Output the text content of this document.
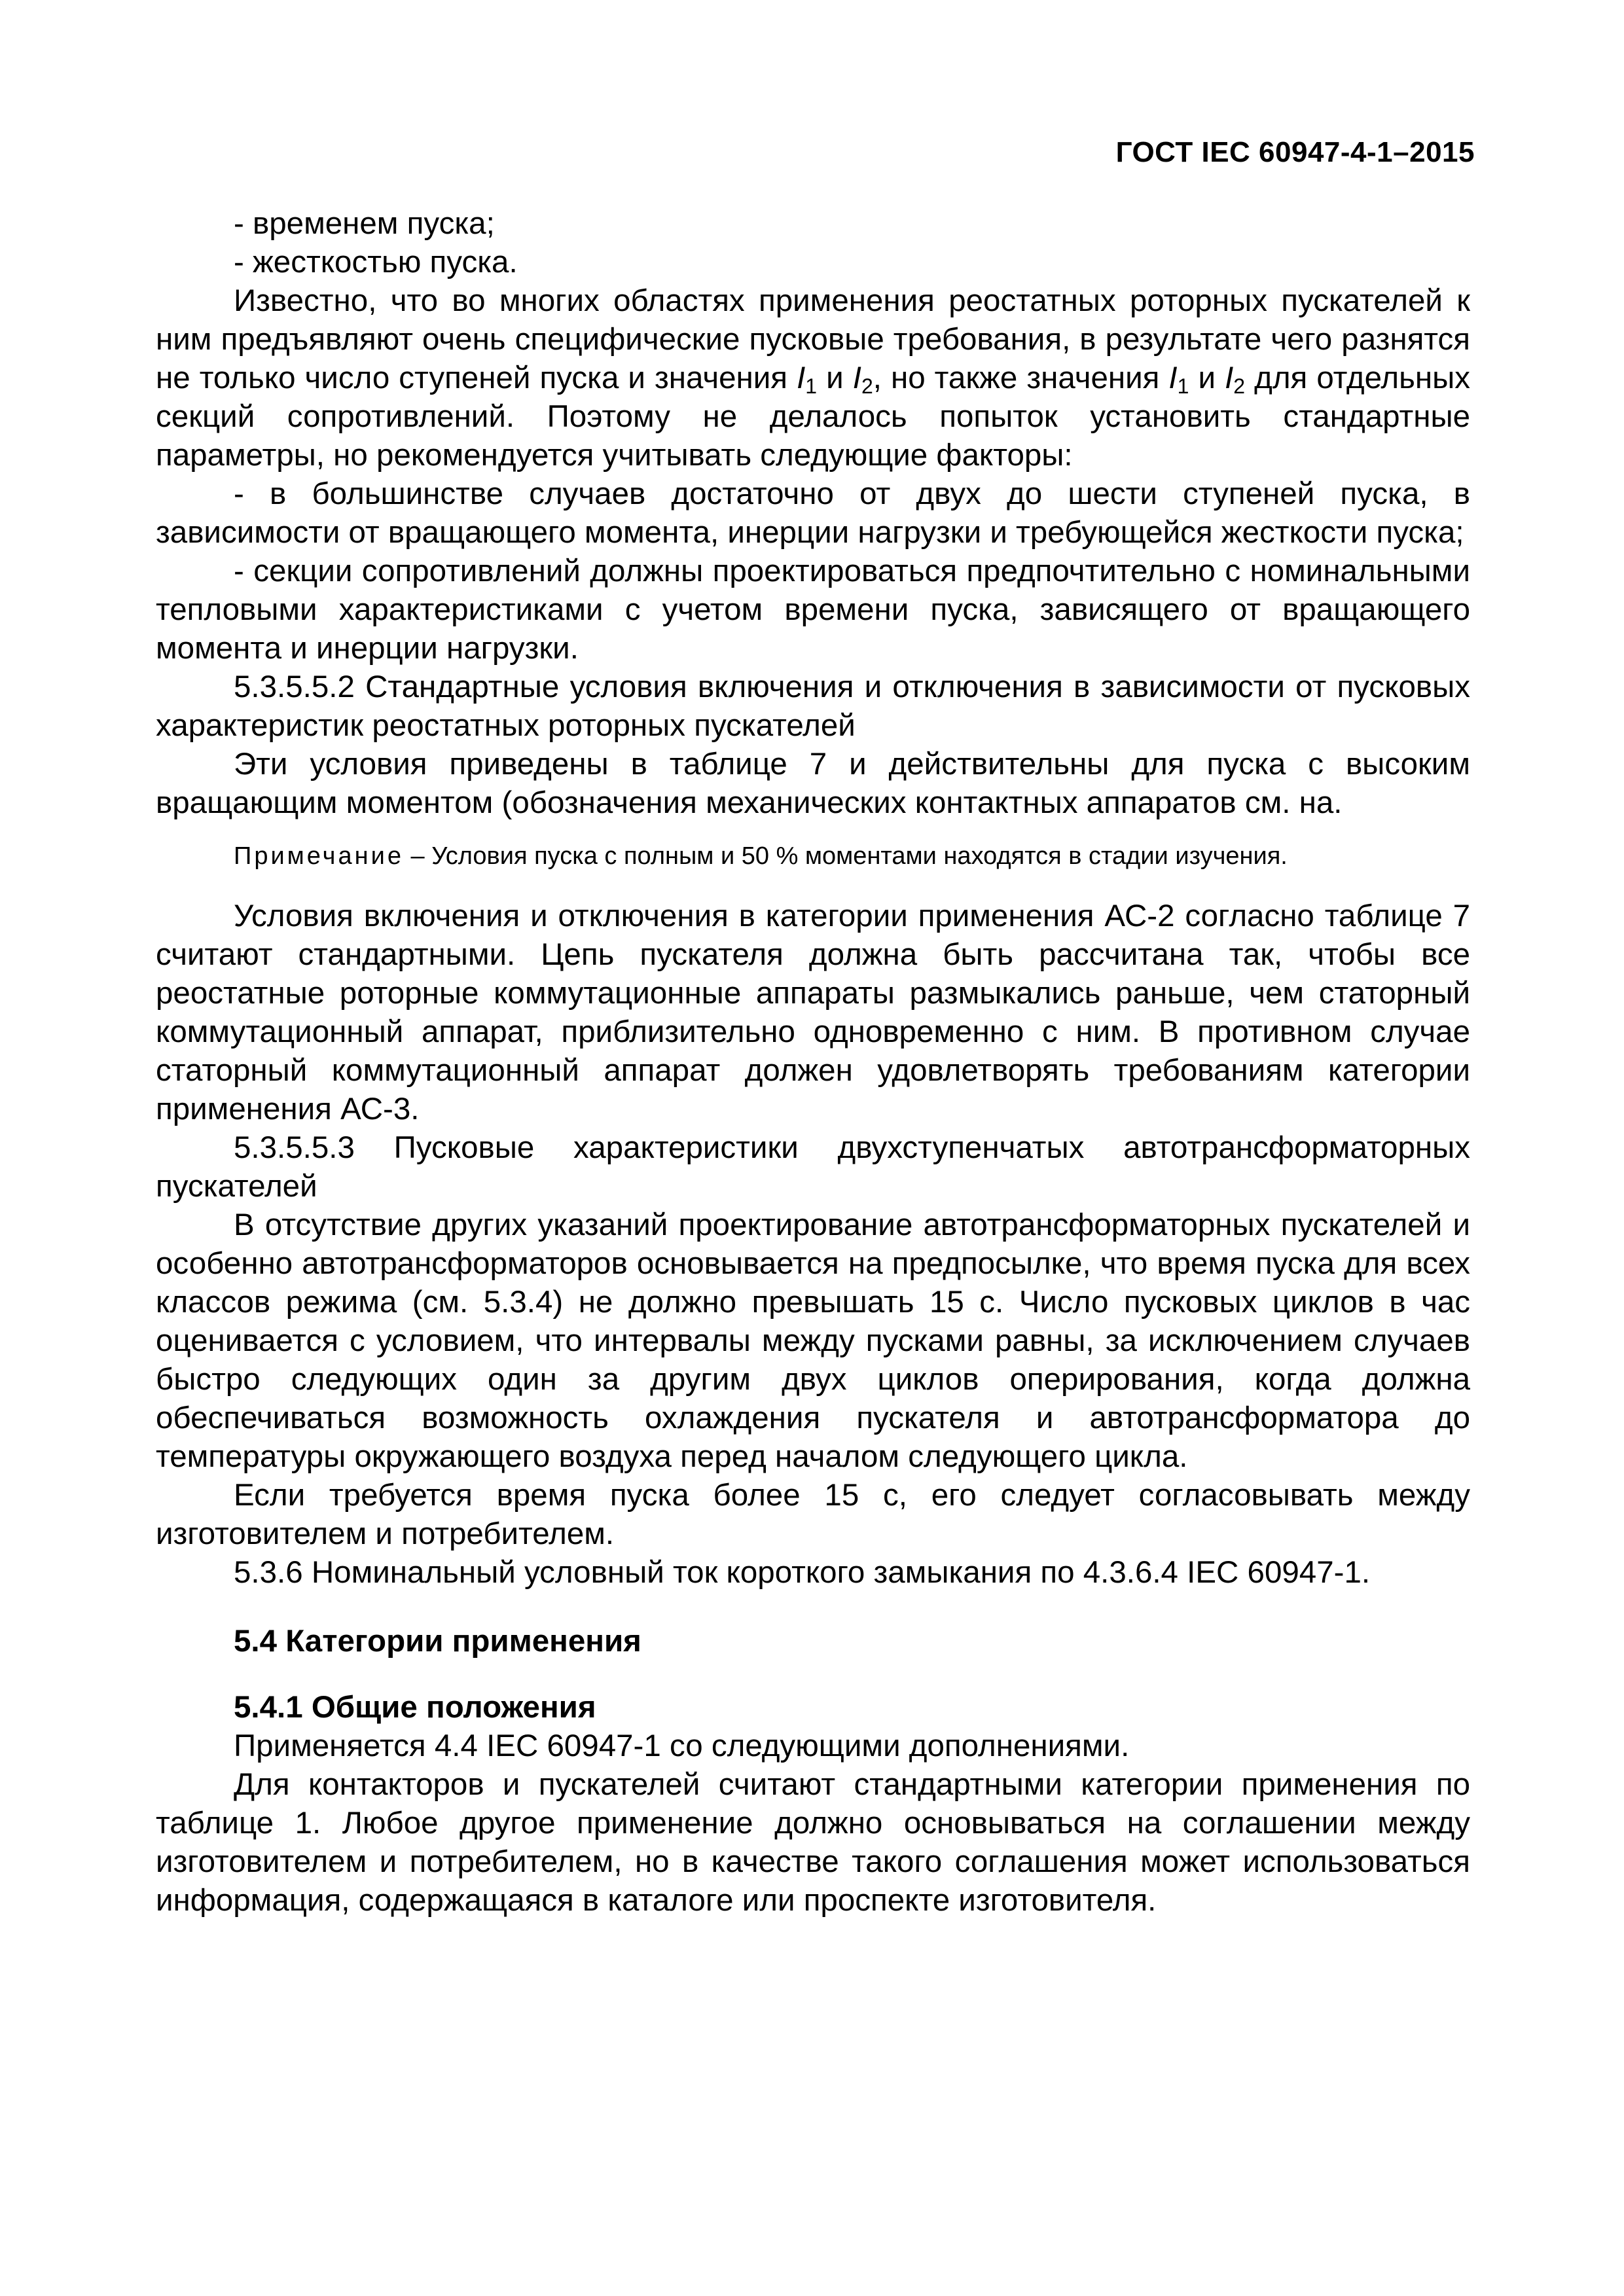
ГОСТ IEC 60947-4-1–2015

- временем пуска;

- жесткостью пуска.

Известно, что во многих областях применения реостатных роторных пускателей к ним предъявляют очень специфические пусковые требования, в результате чего разнятся не только число ступеней пуска и значения $I_1$ и $I_2$, но также значения $I_1$ и $I_2$ для отдельных секций сопротивлений. Поэтому не делалось попыток установить стандартные параметры, но рекомендуется учитывать следующие факторы:

- в большинстве случаев достаточно от двух до шести ступеней пуска, в зависимости от вращающего момента, инерции нагрузки и требующейся жесткости пуска;

- секции сопротивлений должны проектироваться предпочтительно с номинальными тепловыми характеристиками с учетом времени пуска, зависящего от вращающего момента и инерции нагрузки.

5.3.5.5.2 Стандартные условия включения и отключения в зависимости от пусковых характеристик реостатных роторных пускателей

Эти условия приведены в таблице 7 и действительны для пуска с высоким вращающим моментом (обозначения механических контактных аппаратов см. на.

Примечание – Условия пуска с полным и 50 % моментами находятся в стадии изучения.

Условия включения и отключения в категории применения АС-2 согласно таблице 7 считают стандартными. Цепь пускателя должна быть рассчитана так, чтобы все реостатные роторные коммутационные аппараты размыкались раньше, чем статорный коммутационный аппарат, приблизительно одновременно с ним. В противном случае статорный коммутационный аппарат должен удовлетворять требованиям категории применения АС-3.

5.3.5.5.3 Пусковые характеристики двухступенчатых автотрансформаторных пускателей

В отсутствие других указаний проектирование автотрансформаторных пускателей и особенно автотрансформаторов основывается на предпосылке, что время пуска для всех классов режима (см. 5.3.4) не должно превышать 15 с. Число пусковых циклов в час оценивается с условием, что интервалы между пусками равны, за исключением случаев быстро следующих один за другим двух циклов оперирования, когда должна обеспечиваться возможность охлаждения пускателя и автотрансформатора до температуры окружающего воздуха перед началом следующего цикла.

Если требуется время пуска более 15 с, его следует согласовывать между изготовителем и потребителем.

5.3.6 Номинальный условный ток короткого замыкания по 4.3.6.4 IEC 60947-1.

5.4 Категории применения

5.4.1 Общие положения

Применяется 4.4 IEC 60947-1 со следующими дополнениями.

Для контакторов и пускателей считают стандартными категории применения по таблице 1. Любое другое применение должно основываться на соглашении между изготовителем и потребителем, но в качестве такого соглашения может использоваться информация, содержащаяся в каталоге или проспекте изготовителя.
